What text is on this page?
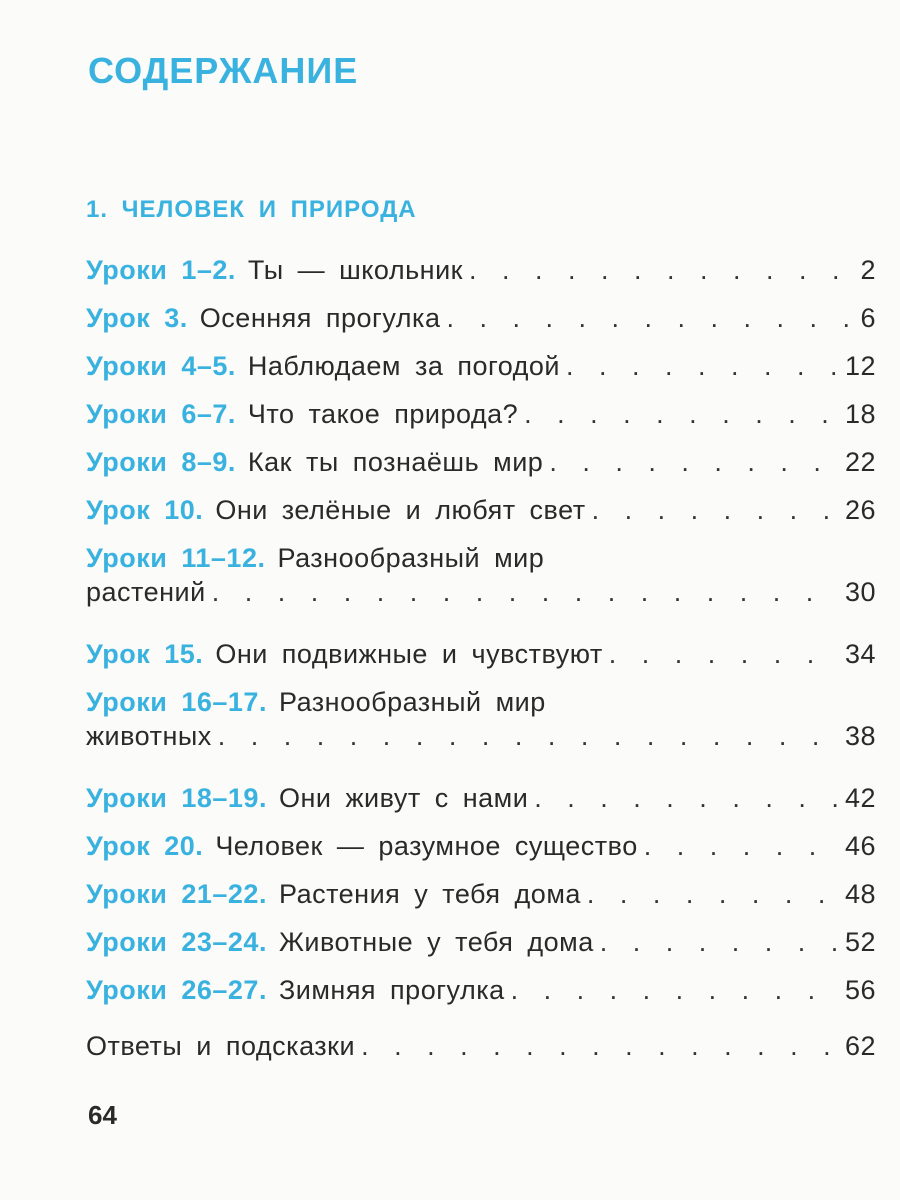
СОДЕРЖАНИЕ
1. ЧЕЛОВЕК И ПРИРОДА
Уроки 1–2. Ты — школьник . . .	2
Урок 3. Осенняя прогулка . . .	6
Уроки 4–5. Наблюдаем за погодой . . .	12
Уроки 6–7. Что такое природа? . . .	18
Уроки 8–9. Как ты познаёшь мир . . .	22
Урок 10. Они зелёные и любят свет . . .	26
Уроки 11–12. Разнообразный мир
растений . . .	30
Урок 15. Они подвижные и чувствуют . . .	34
Уроки 16–17. Разнообразный мир
животных . . .	38
Уроки 18–19. Они живут с нами . . .	42
Урок 20. Человек — разумное существо . . .	46
Уроки 21–22. Растения у тебя дома . . .	48
Уроки 23–24. Животные у тебя дома . . .	52
Уроки 26–27. Зимняя прогулка . . .	56
Ответы и подсказки . . .	62
64
